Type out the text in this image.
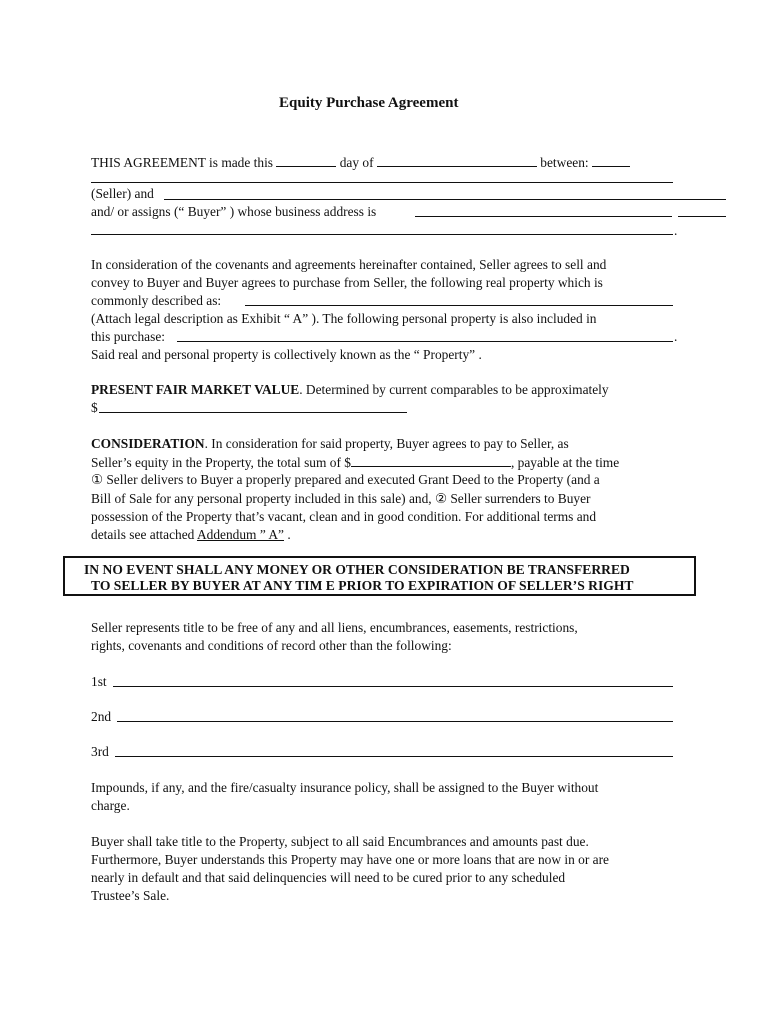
Equity Purchase Agreement
THIS AGREEMENT is made this	day of	between:
(Seller) and
and/ or assigns (“ Buyer” ) whose business address is
.
In consideration of the covenants and agreements hereinafter contained, Seller agrees to sell and
convey to Buyer and Buyer agrees to purchase from Seller, the following real property which is
commonly described as:
(Attach legal description as Exhibit “ A” ). The following personal property is also included in
this purchase:	.
Said real and personal property is collectively known as the “ Property” .
PRESENT FAIR MARKET VALUE. Determined by current comparables to be approximately
$
CONSIDERATION. In consideration for said property, Buyer agrees to pay to Seller, as
Seller’s equity in the Property, the total sum of $	, payable at the time
① Seller delivers to Buyer a properly prepared and executed Grant Deed to the Property (and a
Bill of Sale for any personal property included in this sale) and, ② Seller surrenders to Buyer
possession of the Property that’s vacant, clean and in good condition. For additional terms and
details see attached Addendum ” A” .
IN NO EVENT SHALL ANY MONEY OR OTHER CONSIDERATION BE TRANSFERRED
TO SELLER BY BUYER AT ANY TIM E PRIOR TO EXPIRATION OF SELLER’S RIGHT
Seller represents title to be free of any and all liens, encumbrances, easements, restrictions,
rights, covenants and conditions of record other than the following:
1st
2nd
3rd
Impounds, if any, and the fire/casualty insurance policy, shall be assigned to the Buyer without
charge.
Buyer shall take title to the Property, subject to all said Encumbrances and amounts past due.
Furthermore, Buyer understands this Property may have one or more loans that are now in or are
nearly in default and that said delinquencies will need to be cured prior to any scheduled
Trustee’s Sale.
